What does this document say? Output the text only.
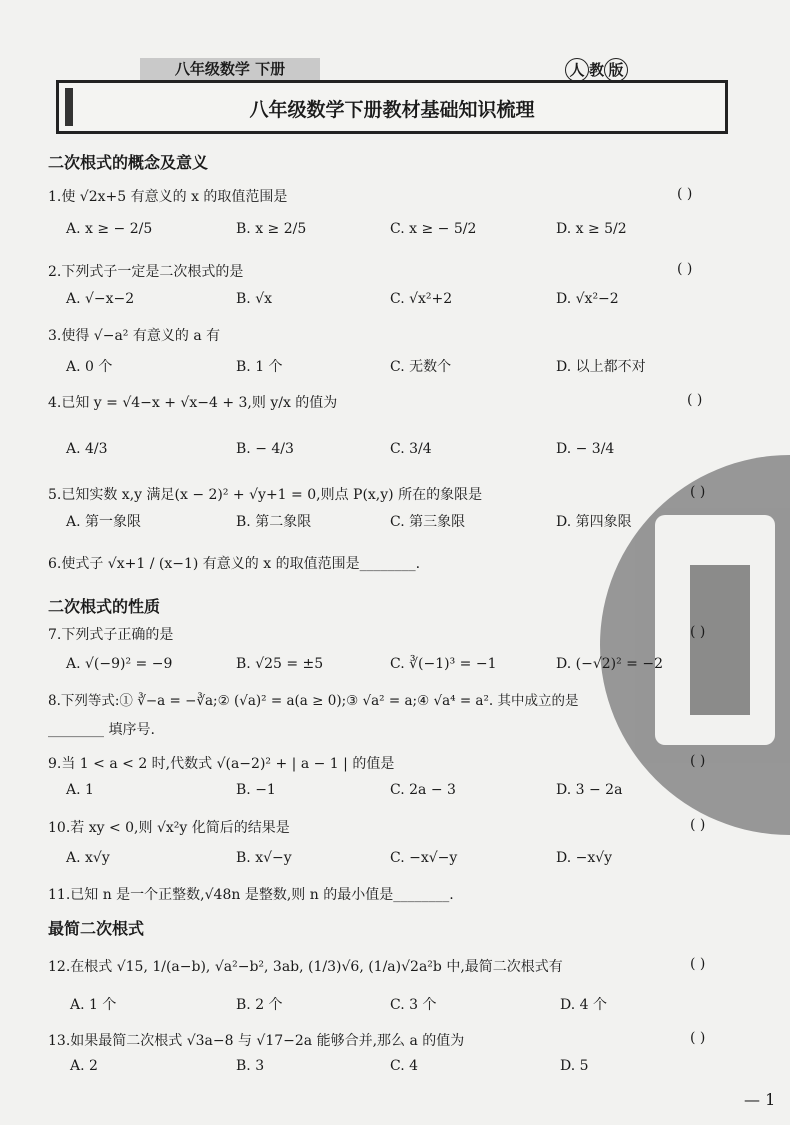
八年级数学 下册	人 教 版
八年级数学下册教材基础知识梳理
二次根式的概念及意义
1.使 √2x+5 有意义的 x 的取值范围是	( )
A. x ≥ − 2/5	B. x ≥ 2/5	C. x ≥ − 5/2	D. x ≥ 5/2
2.下列式子一定是二次根式的是	( )
A. √−x−2	B. √x	C. √x²+2	D. √x²−2
3.使得 √−a² 有意义的 a 有
A. 0 个	B. 1 个	C. 无数个	D. 以上都不对
4.已知 y = √4−x + √x−4 + 3,则 y/x 的值为	( )
A. 4/3	B. − 4/3	C. 3/4	D. − 3/4
5.已知实数 x,y 满足(x − 2)² + √y+1 = 0,则点 P(x,y) 所在的象限是	( )
A. 第一象限	B. 第二象限	C. 第三象限	D. 第四象限
6.使式子 √x+1 / (x−1) 有意义的 x 的取值范围是________.
二次根式的性质
7.下列式子正确的是	( )
A. √(−9)² = −9	B. √25 = ±5	C. ∛(−1)³ = −1	D. (−√2)² = −2
8.下列等式:① ∛−a = −∛a;② (√a)² = a(a ≥ 0);③ √a² = a;④ √a⁴ = a². 其中成立的是
________ 填序号.
9.当 1 < a < 2 时,代数式 √(a−2)² + | a − 1 | 的值是	( )
A. 1	B. −1	C. 2a − 3	D. 3 − 2a
10.若 xy < 0,则 √x²y 化简后的结果是	( )
A. x√y	B. x√−y	C. −x√−y	D. −x√y
11.已知 n 是一个正整数,√48n 是整数,则 n 的最小值是________.
最简二次根式
12.在根式 √15, 1/(a−b), √a²−b², 3ab, (1/3)√6, (1/a)√2a²b 中,最简二次根式有	( )
A. 1 个	B. 2 个	C. 3 个	D. 4 个
13.如果最简二次根式 √3a−8 与 √17−2a 能够合并,那么 a 的值为	( )
A. 2	B. 3	C. 4	D. 5
— 1
